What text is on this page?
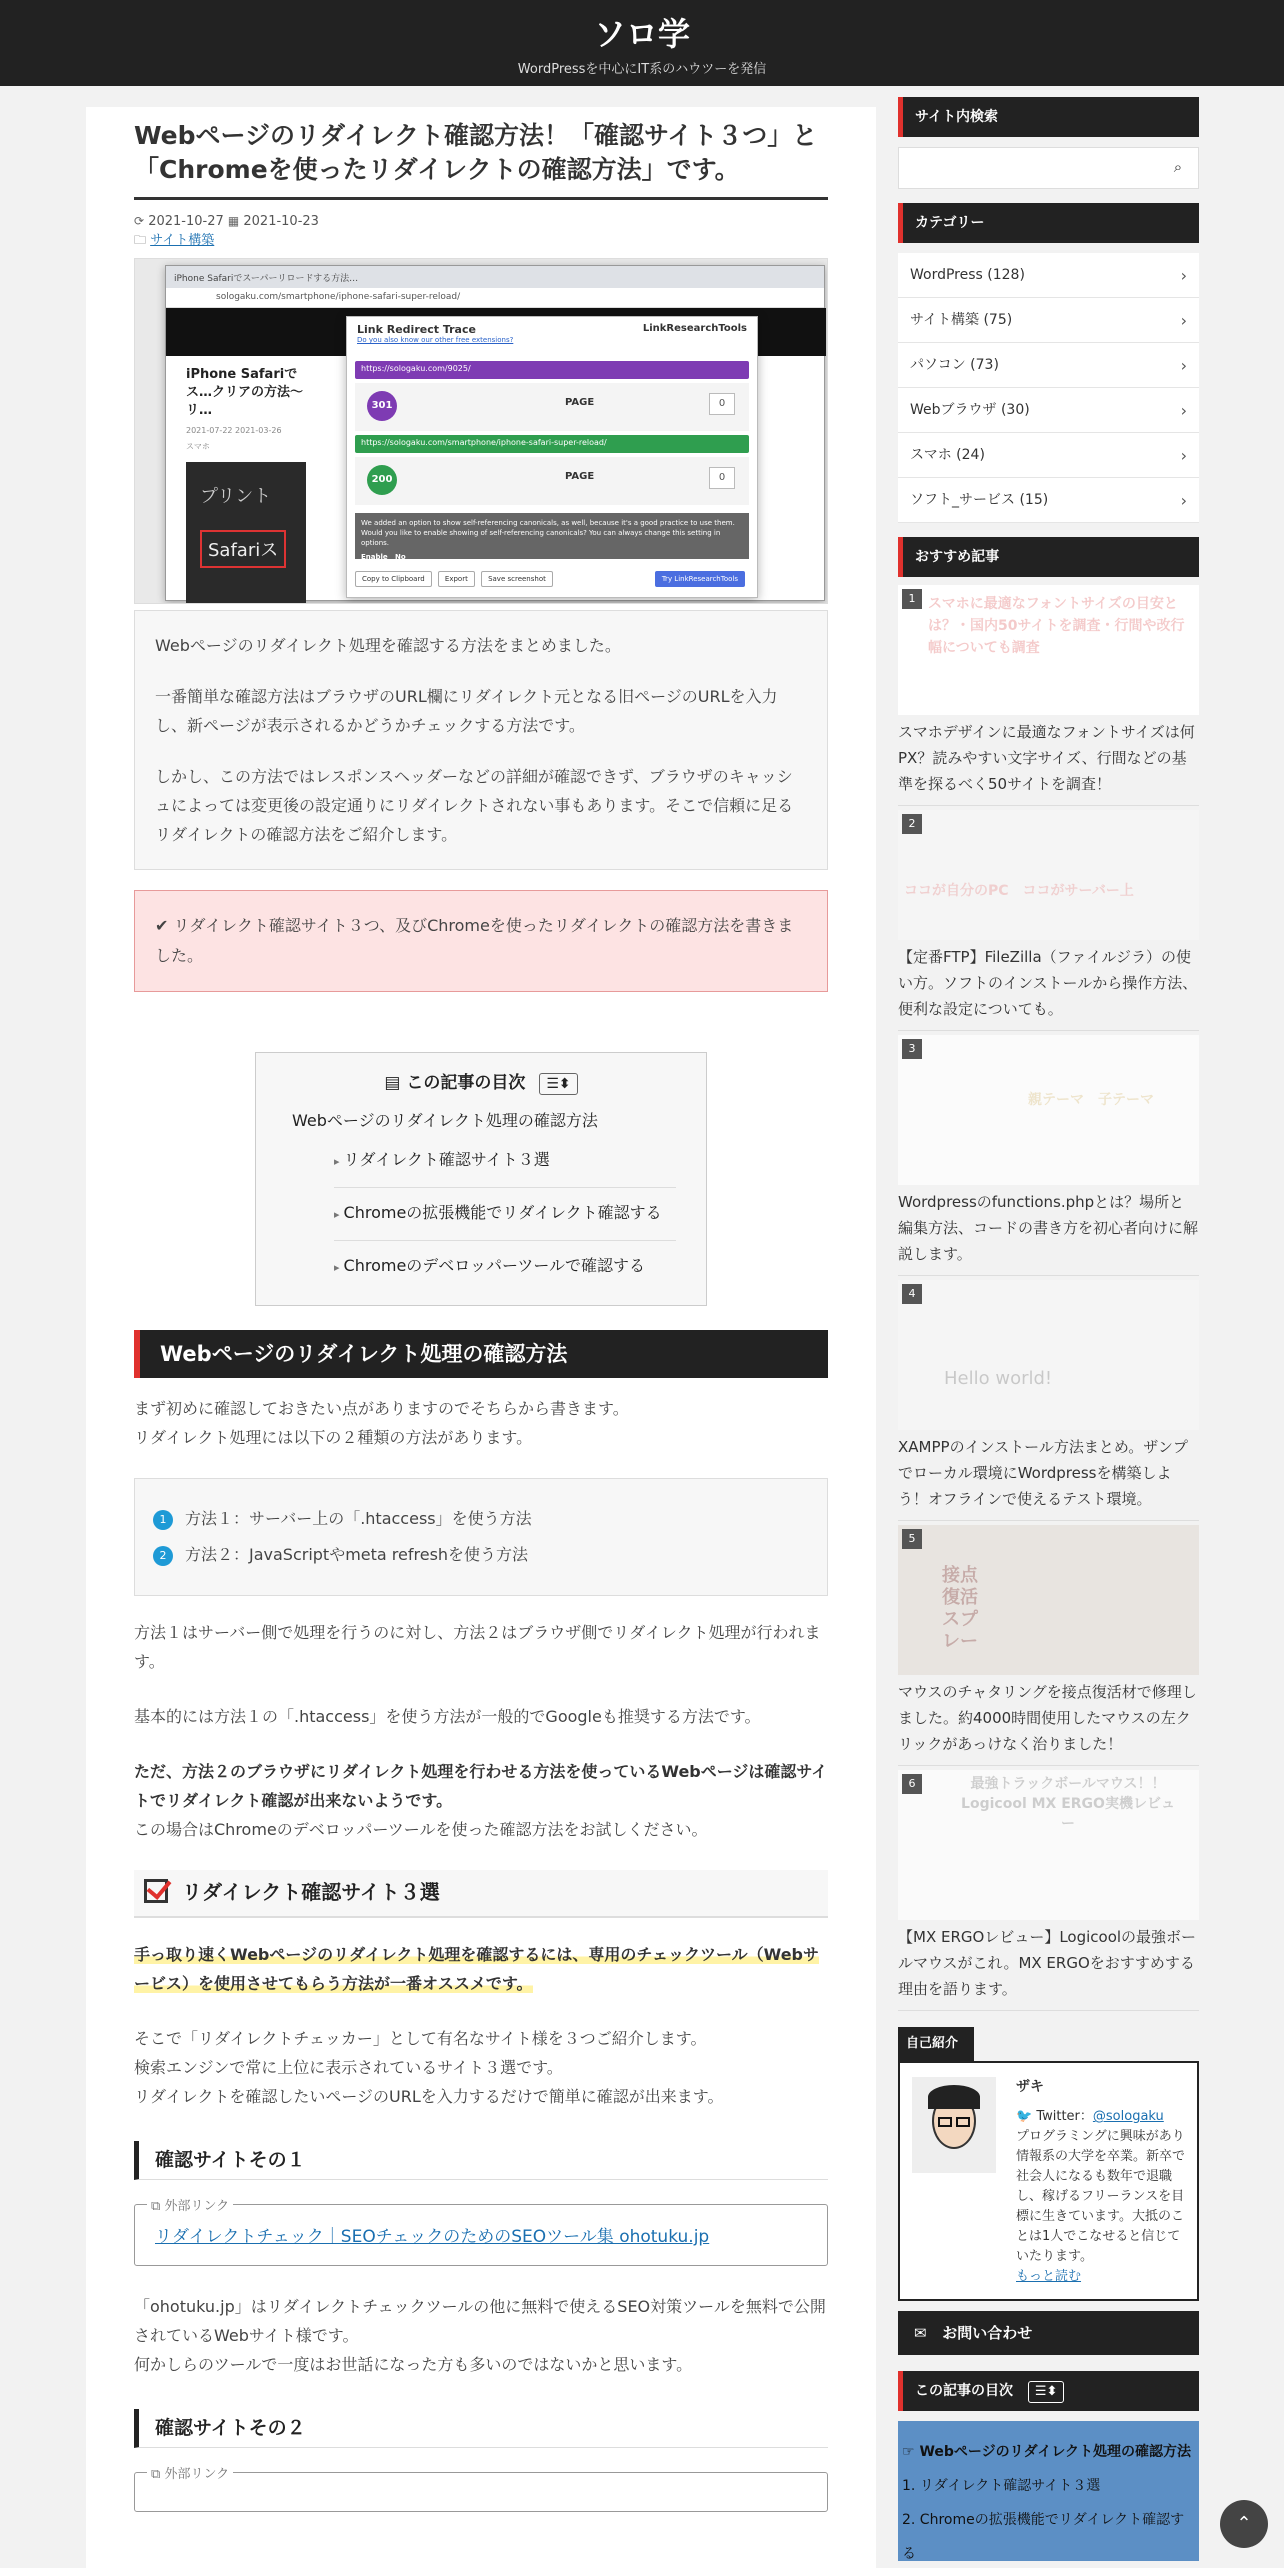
ソロ学
WordPressを中心にIT系のハウツーを発信
Webページのリダイレクト確認方法！「確認サイト３つ」と「Chromeを使ったリダイレクトの確認方法」です。
⟳ 2021-10-27 ▦ 2021-10-23
🗀 サイト構築
iPhone Safariでスーパーリロードする方法…
sologaku.com/smartphone/iphone-safari-super-reload/
iPhone Safariでス…クリアの方法〜リ…
2021-07-22 2021-03-26
スマホ
プリント
Safariス
LinkResearchTools
Link Redirect Trace
Do you also know our other free extensions?
https://sologaku.com/9025/
301	PAGE	0
https://sologaku.com/smartphone/iphone-safari-super-reload/
200	PAGE	0
We added an option to show self-referencing canonicals, as well, because it's a good practice to use them. Would you like to enable showing of self-referencing canonicals? You can always change this setting in options.
Enable No
Copy to Clipboard	Export	Save screenshot	Try LinkResearchTools

Webページのリダイレクト処理を確認する方法をまとめました。

一番簡単な確認方法はブラウザのURL欄にリダイレクト元となる旧ページのURLを入力し、新ページが表示されるかどうかチェックする方法です。

しかし、この方法ではレスポンスヘッダーなどの詳細が確認できず、ブラウザのキャッシュによっては変更後の設定通りにリダイレクトされない事もあります。そこで信頼に足るリダイレクトの確認方法をご紹介します。

✔ リダイレクト確認サイト３つ、及びChromeを使ったリダイレクトの確認方法を書きました。
▤ この記事の目次 ☰⬍
Webページのリダイレクト処理の確認方法
▸ リダイレクト確認サイト３選
▸ Chromeの拡張機能でリダイレクト確認する
▸ Chromeのデベロッパーツールで確認する
Webページのリダイレクト処理の確認方法
まず初めに確認しておきたい点がありますのでそちらから書きます。
リダイレクト処理には以下の２種類の方法があります。
1 方法１：サーバー上の「.htaccess」を使う方法
2 方法２：JavaScriptやmeta refreshを使う方法
方法１はサーバー側で処理を行うのに対し、方法２はブラウザ側でリダイレクト処理が行われます。
基本的には方法１の「.htaccess」を使う方法が一般的でGoogleも推奨する方法です。
ただ、方法２のブラウザにリダイレクト処理を行わせる方法を使っているWebページは確認サイトでリダイレクト確認が出来ないようです。
この場合はChromeのデベロッパーツールを使った確認方法をお試しください。
リダイレクト確認サイト３選
手っ取り速くWebページのリダイレクト処理を確認するには、専用のチェックツール（Webサービス）を使用させてもらう方法が一番オススメです。
そこで「リダイレクトチェッカー」として有名なサイト様を３つご紹介します。
検索エンジンで常に上位に表示されているサイト３選です。
リダイレクトを確認したいページのURLを入力するだけで簡単に確認が出来ます。
確認サイトその１
⧉ 外部リンク
リダイレクトチェック｜SEOチェックのためのSEOツール集 ohotuku.jp
「ohotuku.jp」はリダイレクトチェックツールの他に無料で使えるSEO対策ツールを無料で公開されているWebサイト様です。
何かしらのツールで一度はお世話になった方も多いのではないかと思います。
確認サイトその２
⧉ 外部リンク
サイト内検索
⌕
カテゴリー
WordPress (128) ›
サイト構築 (75) ›
パソコン (73) ›
Webブラウザ (30) ›
スマホ (24) ›
ソフト_サービス (15) ›
おすすめ記事
1 スマホに最適なフォントサイズの目安とは？・国内50サイトを調査・行間や改行幅についても調査
スマホデザインに最適なフォントサイズは何PX？読みやすい文字サイズ、行間などの基準を探るべく50サイトを調査！
2
ココが自分のPC　ココがサーバー上
【定番FTP】FileZilla（ファイルジラ）の使い方。ソフトのインストールから操作方法、便利な設定についても。
3
親テーマ　子テーマ
Wordpressのfunctions.phpとは？場所と編集方法、コードの書き方を初心者向けに解説します。
4
Hello world!
XAMPPのインストール方法まとめ。ザンプでローカル環境にWordpressを構築しよう！オフラインで使えるテスト環境。
5
接点復活スプレー
マウスのチャタリングを接点復活材で修理しました。約4000時間使用したマウスの左クリックがあっけなく治りました！
6	最強トラックボールマウス！！Logicool MX ERGO実機レビュー
【MX ERGOレビュー】Logicoolの最強ボールマウスがこれ。MX ERGOをおすすめする理由を語ります。
自己紹介
ザキ
🐦 Twitter：@sologaku
プログラミングに興味があり情報系の大学を卒業。新卒で社会人になるも数年で退職し、稼げるフリーランスを目標に生きています。大抵のことは1人でこなせると信じていたります。
もっと読む
✉ お問い合わせ
この記事の目次 ☰⬍
☞ Webページのリダイレクト処理の確認方法
1. リダイレクト確認サイト３選
2. Chromeの拡張機能でリダイレクト確認する
⌃
